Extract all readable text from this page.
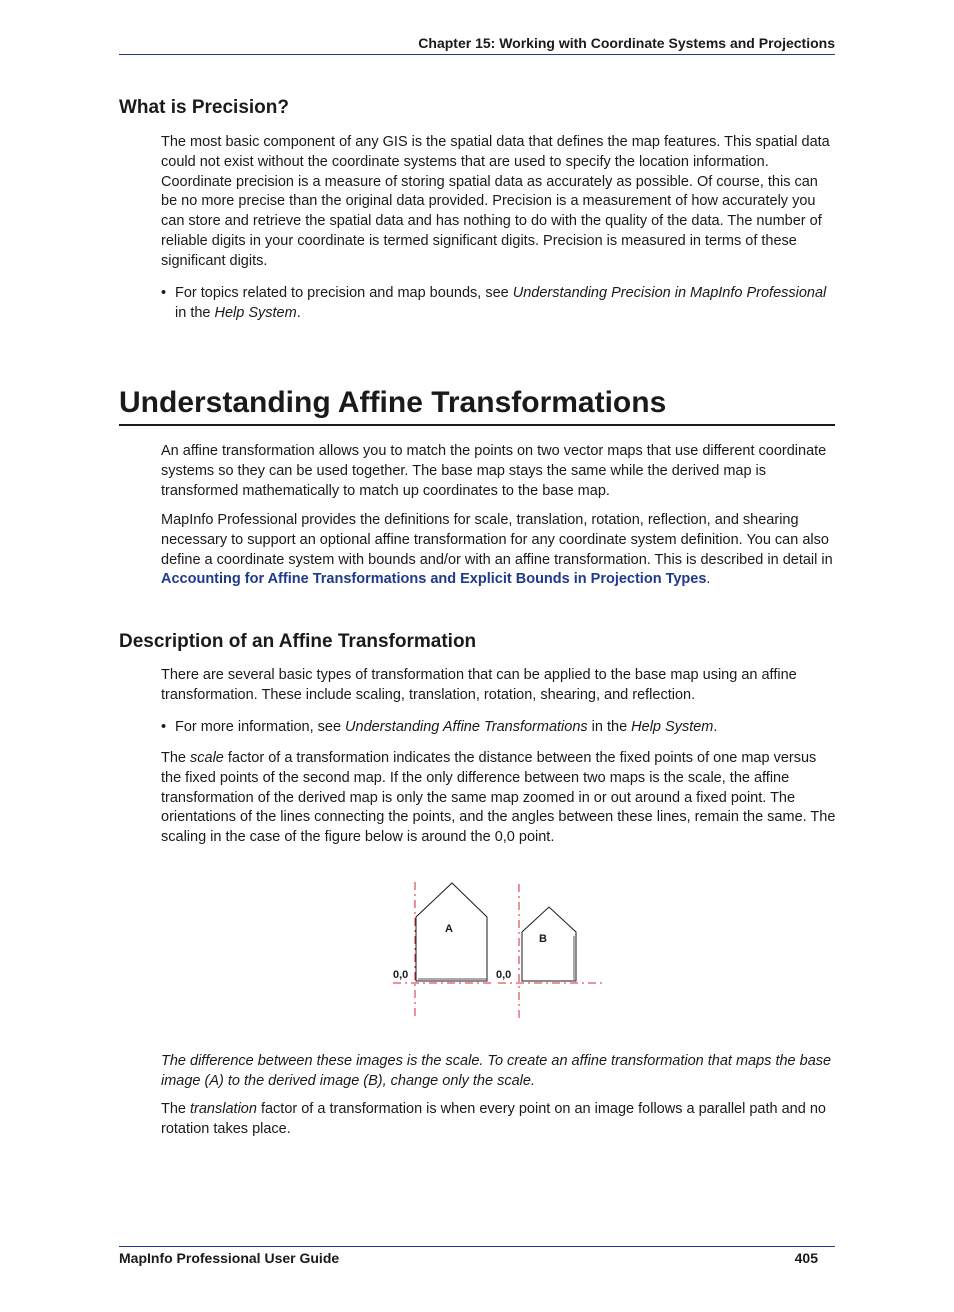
Chapter 15: Working with Coordinate Systems and Projections
What is Precision?

The most basic component of any GIS is the spatial data that defines the map features. This spatial data could not exist without the coordinate systems that are used to specify the location information. Coordinate precision is a measure of storing spatial data as accurately as possible. Of course, this can be no more precise than the original data provided. Precision is a measurement of how accurately you can store and retrieve the spatial data and has nothing to do with the quality of the data. The number of reliable digits in your coordinate is termed significant digits. Precision is measured in terms of these significant digits.

• For topics related to precision and map bounds, see Understanding Precision in MapInfo Professional in the Help System.

Understanding Affine Transformations

An affine transformation allows you to match the points on two vector maps that use different coordinate systems so they can be used together. The base map stays the same while the derived map is transformed mathematically to match up coordinates to the base map.

MapInfo Professional provides the definitions for scale, translation, rotation, reflection, and shearing necessary to support an optional affine transformation for any coordinate system definition. You can also define a coordinate system with bounds and/or with an affine transformation. This is described in detail in Accounting for Affine Transformations and Explicit Bounds in Projection Types.

Description of an Affine Transformation

There are several basic types of transformation that can be applied to the base map using an affine transformation. These include scaling, translation, rotation, shearing, and reflection.

• For more information, see Understanding Affine Transformations in the Help System.

The scale factor of a transformation indicates the distance between the fixed points of one map versus the fixed points of the second map. If the only difference between two maps is the scale, the affine transformation of the derived map is only the same map zoomed in or out around a fixed point. The orientations of the lines connecting the points, and the angles between these lines, remain the same. The scaling in the case of the figure below is around the 0,0 point.

A
B
0,0	0,0

The difference between these images is the scale. To create an affine transformation that maps the base image (A) to the derived image (B), change only the scale.

The translation factor of a transformation is when every point on an image follows a parallel path and no rotation takes place.

MapInfo Professional User Guide	405
